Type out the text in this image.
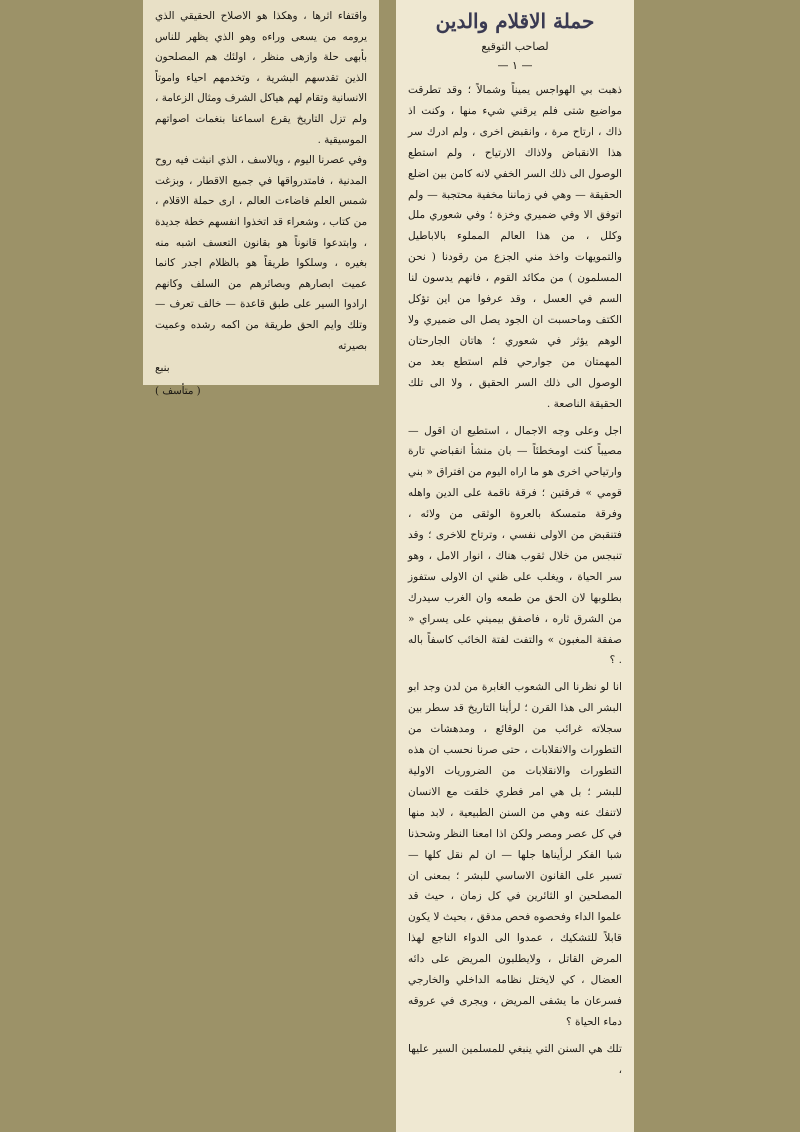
واقتفاء اثرها ، وهكذا هو الاصلاح الحقيقي الذي يرومه من يسعى وراءه وهو الذي يظهر للناس بأبهى حلة وازهى منظر ، اولئك هم المصلحون الذين تقدسهم البشرية ، وتخدمهم احياء واموتاً الانسانية وتقام لهم هياكل الشرف ومثال الزعامة ، ولم تزل التاريخ يقرع اسماعنا بنغمات اصواتهم الموسيقية .

وفي عصرنا اليوم ، ويالاسف ، الذي انبثت فيه روح المدنية ، فامتدرواقها في جميع الاقطار ، وبزغت شمس العلم فاضاءت العالم ، ارى حملة الاقلام ، من كتاب ، وشعراء قد اتخذوا انفسهم خطة جديدة ، وابتدعوا قانوناً هو بقانون التعسف اشبه منه بغيره ، وسلكوا طريقاً هو بالظلام اجدر كانما عميت ابصارهم وبصائرهم من السلف وكانهم ارادوا السير على طبق قاعدة — خالف تعرف — وتلك وايم الحق طريقة من اكمه رشده وعميت بصيرته

بنبع

( متأسف )

حملة الاقلام والدين
لصاحب التوقيع
— ١ —

ذهبت بي الهواجس يميناً وشمالاً ؛ وقد تطرقت مواضيع شتى فلم يرقني شيء منها ، وكنت اذ ذاك ، ارتاح مرة ، وانقبض اخرى ، ولم ادرك سر هذا الانقباض ولاذاك الارتياح ، ولم استطع الوصول الى ذلك السر الخفي لانه كامن بين اضلع الحقيقة — وهي في زماننا مخفية محتجبة — ولم اتوفق الا وفي ضميري وخزة ؛ وفي شعوري ملل وكلل ، من هذا العالم المملوء بالاباطيل والتمويهات واخذ مني الجزع من رقودنا ( نحن المسلمون ) من مكائد القوم ، فانهم يدسون لنا السم في العسل ، وقد عرفوا من اين تؤكل الكتف وماحسبت ان الجود يصل الى ضميري ولا الوهم يؤثر في شعوري ؛ هاتان الجارحتان المهمتان من جوارحي فلم استطع بعد من الوصول الى ذلك السر الحقيق ، ولا الى تلك الحقيقة الناصعة .

اجل وعلى وجه الاجمال ، استطيع ان اقول — مصيباً كنت اومخطئاً — بان منشأ انقباضي تارة وارتياحي اخرى هو ما اراه اليوم من افتراق « بني قومي » فرقتين ؛ فرقة ناقمة على الدين واهله وفرقة متمسكة بالعروة الوثقى من ولائه ، فتنقبض من الاولى نفسي ، وترتاح للاخرى ؛ وقد تنبجس من خلال ثقوب هناك ، انوار الامل ، وهو سر الحياة ، ويغلب على ظني ان الاولى ستفوز بطلوبها لان الحق من طمعه وان الغرب سيدرك من الشرق ثاره ، فاصفق بيميني على يسراي « صفقة المغبون » والتفت لفتة الخائب كاسفاً باله . ؟

انا لو نظرنا الى الشعوب الغابرة من لدن وجد ابو البشر الى هذا القرن ؛ لرأينا التاريخ قد سطر بين سجلاته غرائب من الوقائع ، ومدهشات من التطورات والانقلابات ، حتى صرنا نحسب ان هذه التطورات والانقلابات من الضروريات الاولية للبشر ؛ بل هي امر فطري خلقت مع الانسان لاتنفك عنه وهي من السنن الطبيعية ، لابد منها في كل عصر ومصر ولكن اذا امعنا النظر وشحذنا شبا الفكر لرأيناها جلها — ان لم نقل كلها — تسير على القانون الاساسي للبشر ؛ بمعنى ان المصلحين او الثائرين في كل زمان ، حيث قد علموا الداء وفحصوه فحص مدقق ، بحيث لا يكون قابلاً للتشكيك ، عمدوا الى الدواء الناجع لهذا المرض القاتل ، ولايطلبون المريض على دائه العضال ، كي لايختل نظامه الداخلي والخارجي فسرعان ما يشفى المريض ، ويجرى في عروقه دماء الحياة ؟

تلك هي السنن التي ينبغي للمسلمين السير عليها ،
